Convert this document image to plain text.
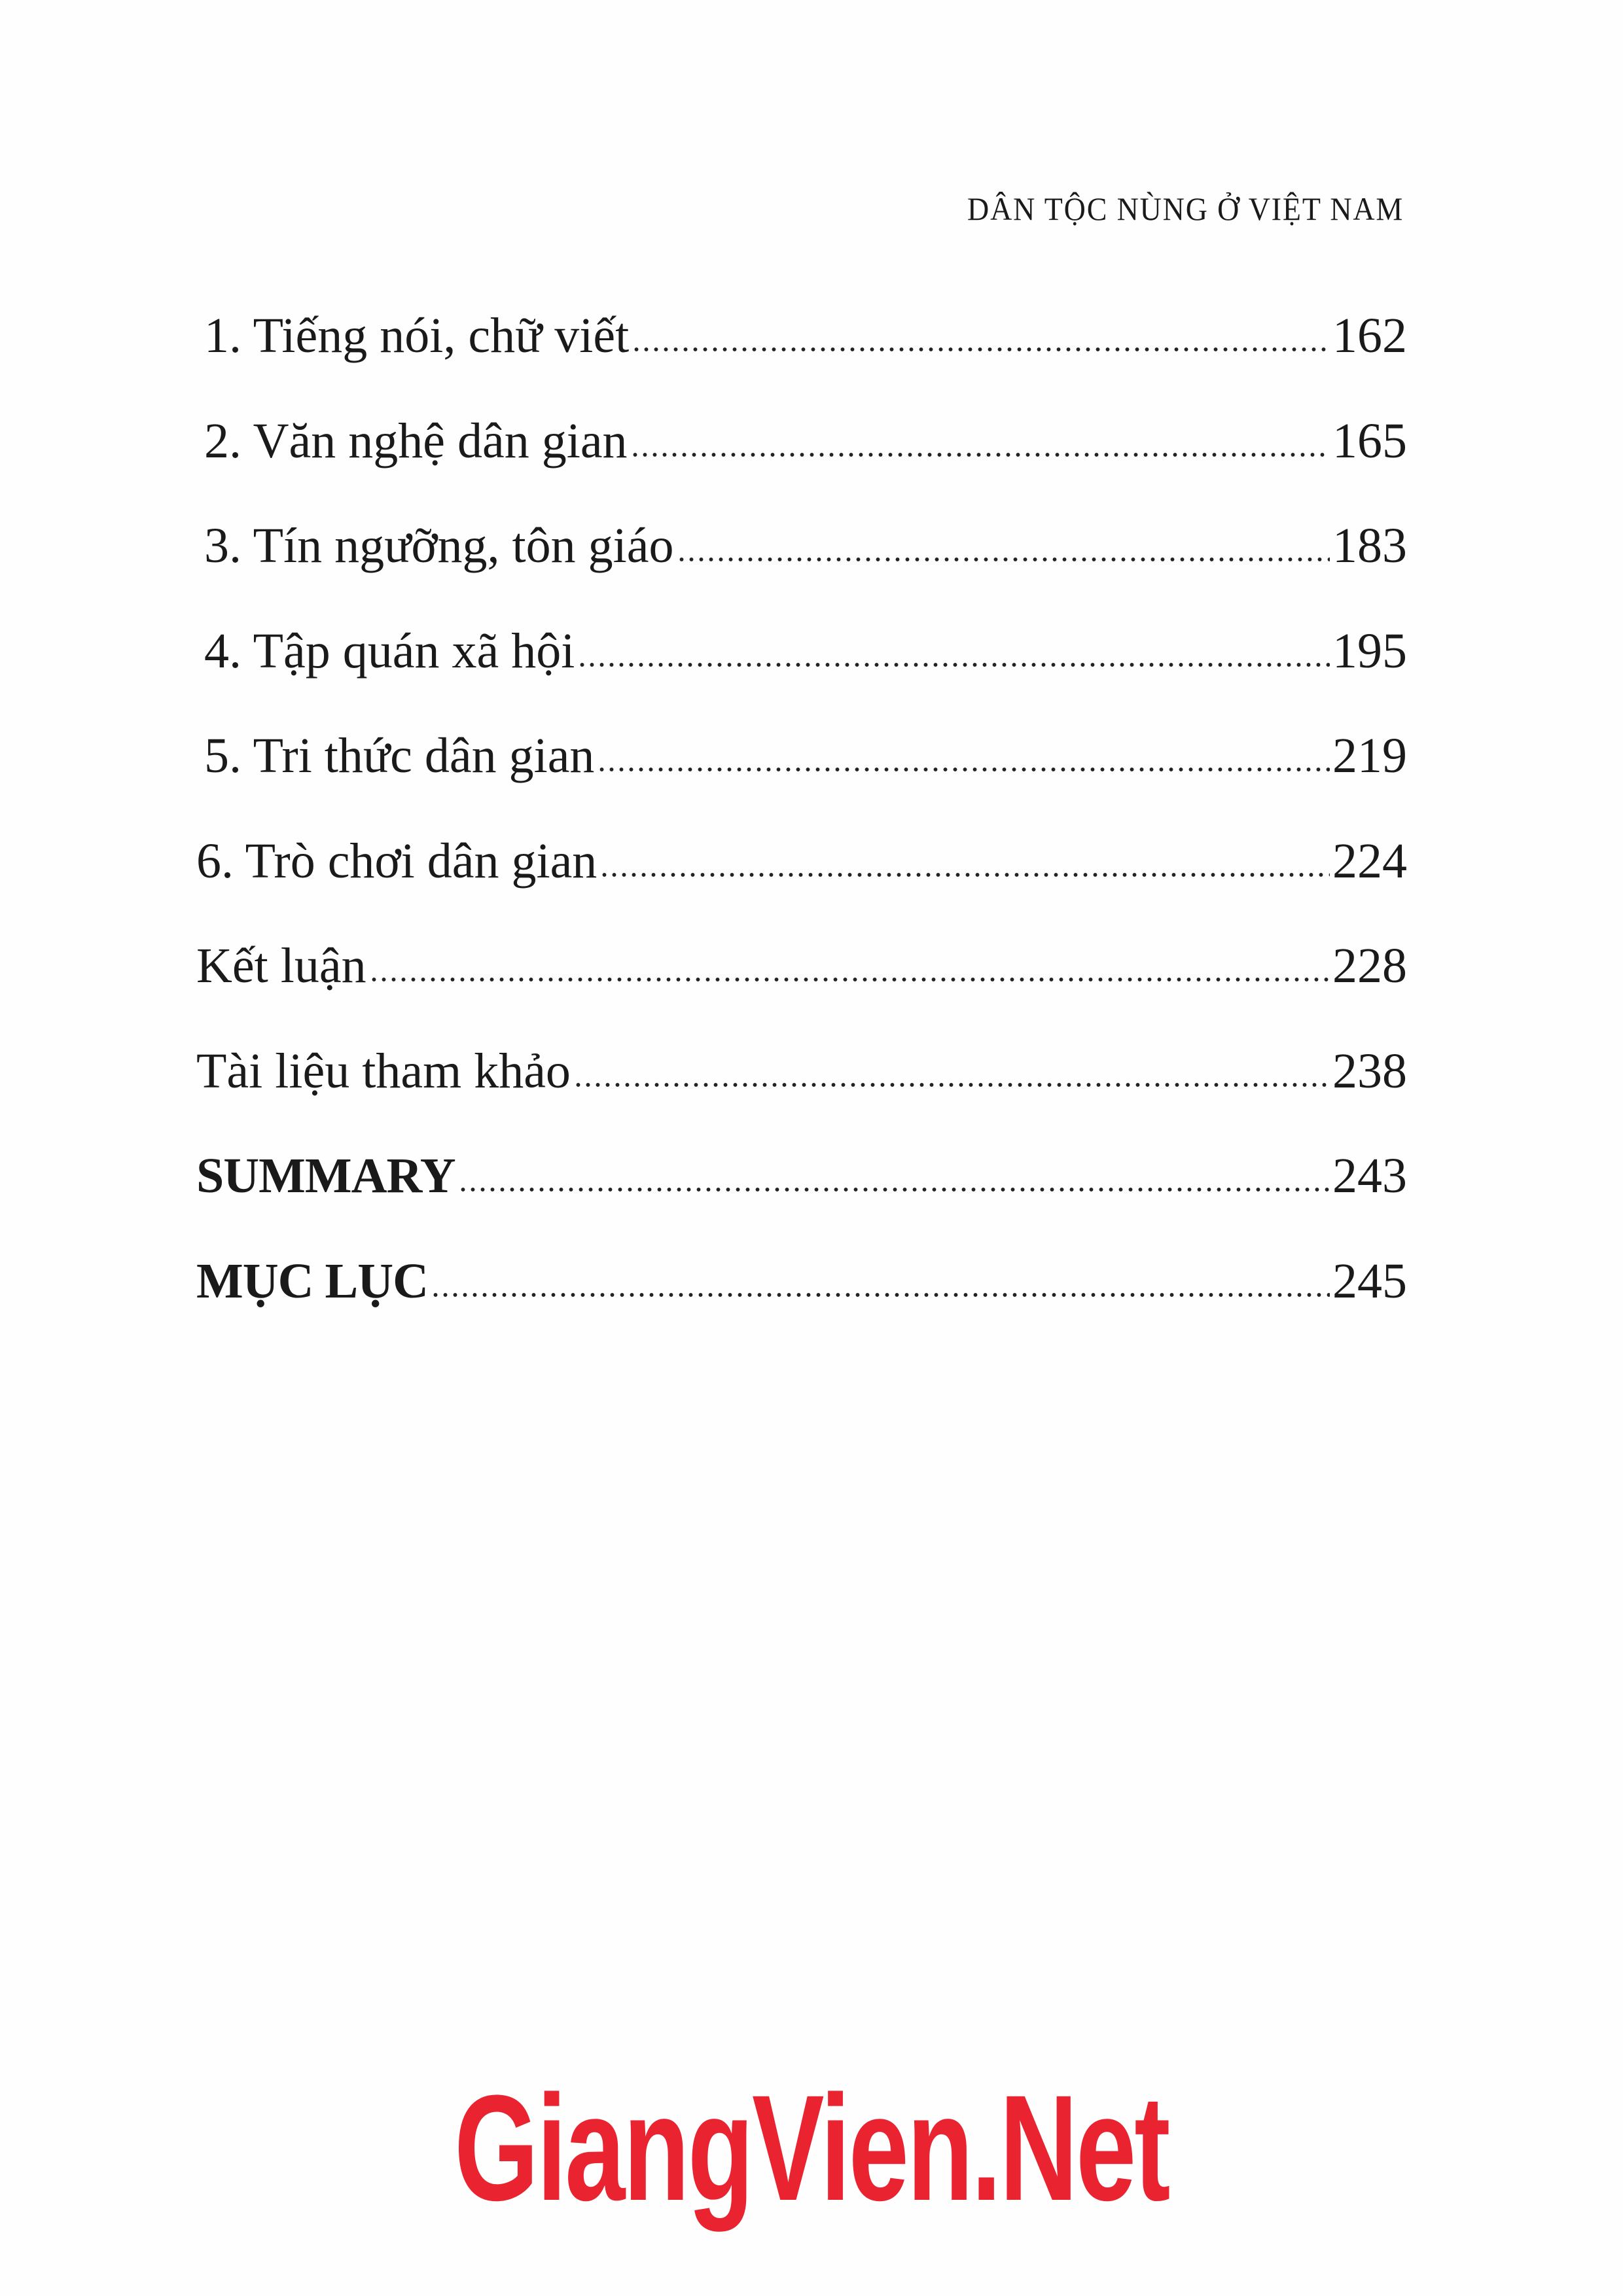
DÂN TỘC NÙNG Ở VIỆT NAM
1. Tiếng nói, chữ viết	162
2. Văn nghệ dân gian	165
3. Tín ngưỡng, tôn giáo	183
4. Tập quán xã hội	195
5. Tri thức dân gian	219
6. Trò chơi dân gian	224
Kết luận	228
Tài liệu tham khảo	238
SUMMARY	243
MỤC LỤC	245
GiangVien.Net
